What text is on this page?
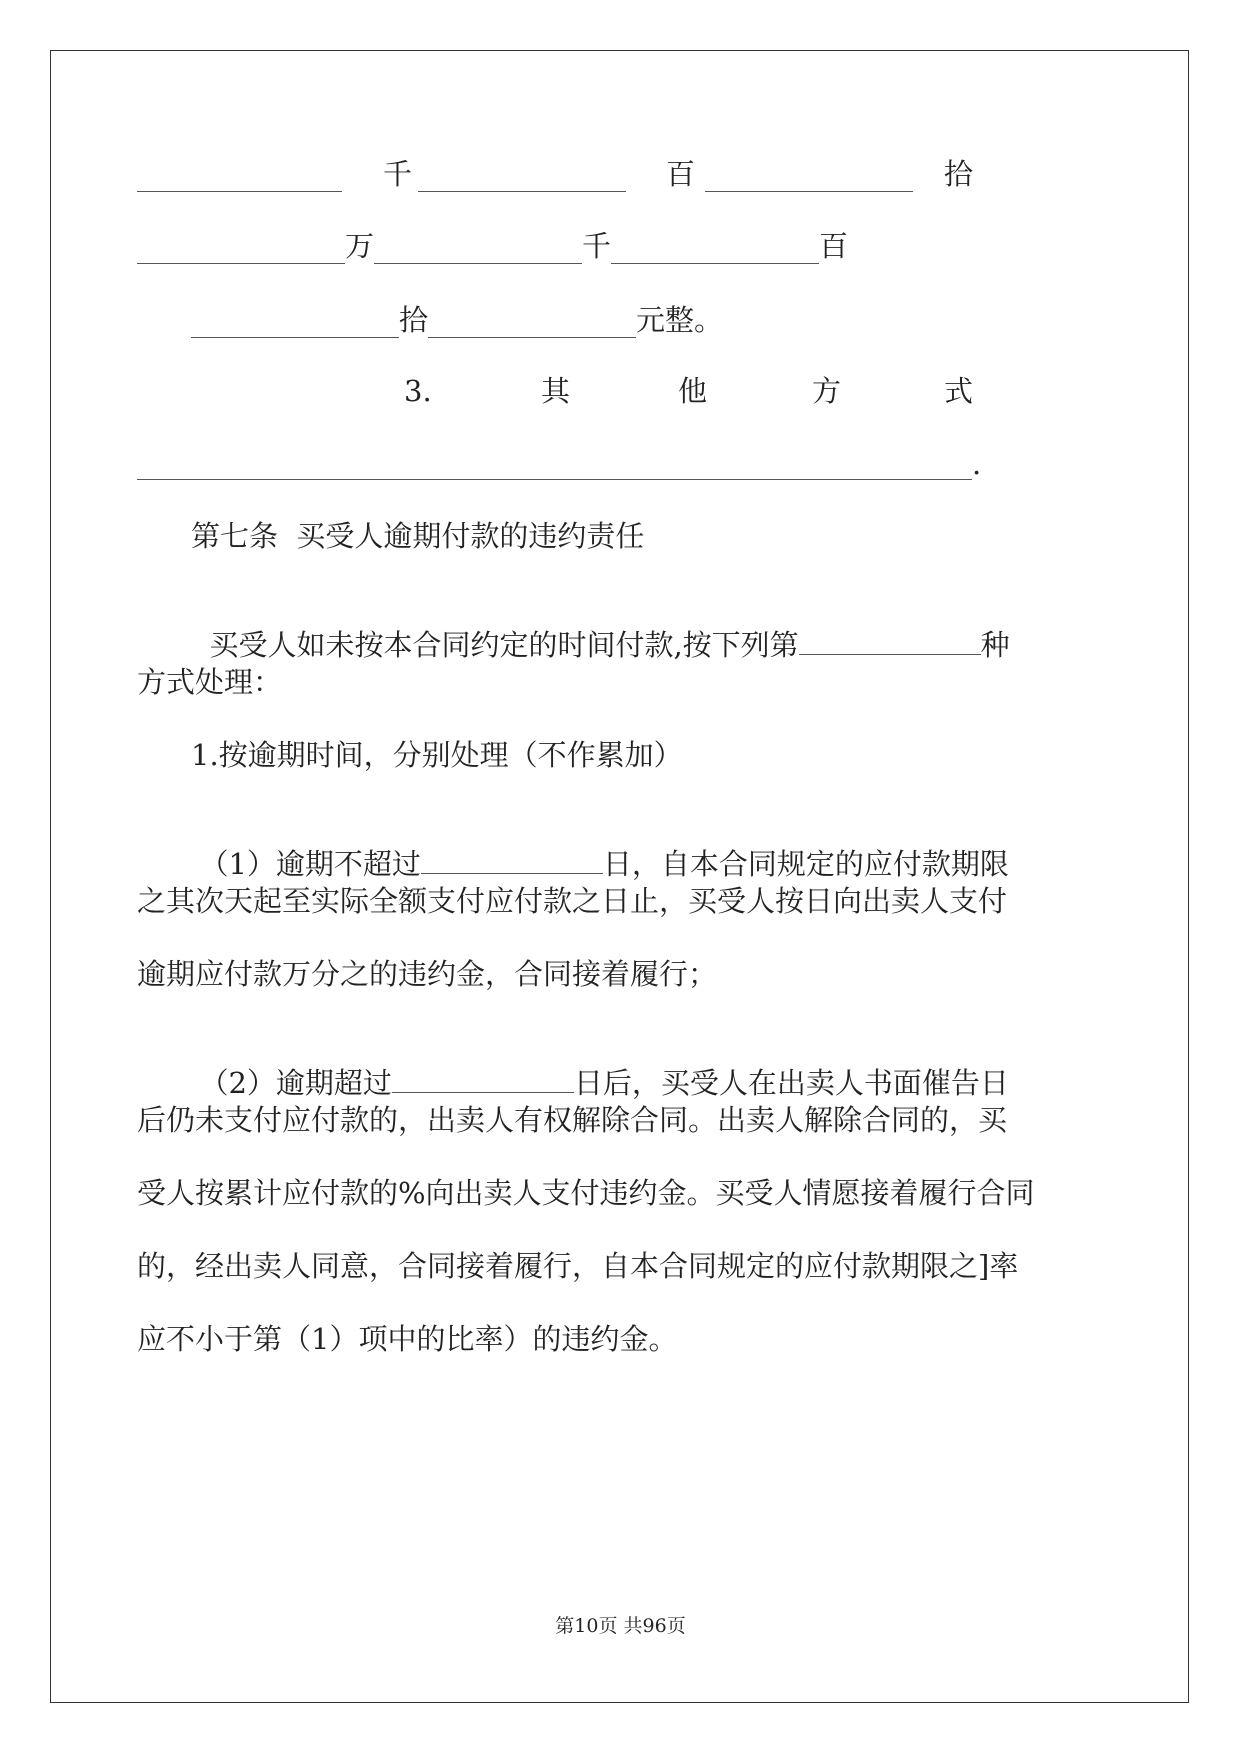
千	百	拾
万	千	百
拾	元整。
3.	其	他	方	式
.
第七条  买受人逾期付款的违约责任

买受人如未按本合同约定的时间付款,按下列第	种

方式处理：
1.按逾期时间，分别处理（不作累加）

（1）逾期不超过	日，自本合同规定的应付款期限

之其次天起至实际全额支付应付款之日止，买受人按日向出卖人支付
逾期应付款万分之的违约金，合同接着履行；

（2）逾期超过	日后，买受人在出卖人书面催告日

后仍未支付应付款的，出卖人有权解除合同。出卖人解除合同的，买
受人按累计应付款的%向出卖人支付违约金。买受人情愿接着履行合同
的，经出卖人同意，合同接着履行，自本合同规定的应付款期限之]率
应不小于第（1）项中的比率）的违约金。
第10页 共96页
